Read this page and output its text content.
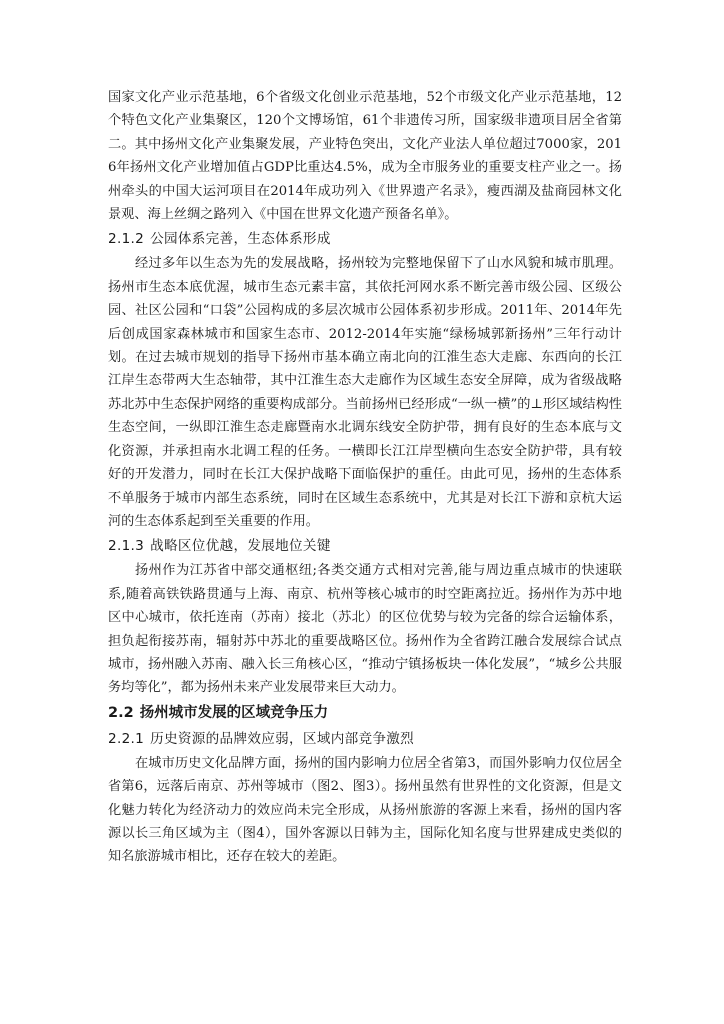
国家文化产业示范基地，6个省级文化创业示范基地，52个市级文化产业示范基地，12个特色文化产业集聚区，120个文博场馆，61个非遗传习所，国家级非遗项目居全省第二。其中扬州文化产业集聚发展，产业特色突出，文化产业法人单位超过7000家，2016年扬州文化产业增加值占GDP比重达4.5%，成为全市服务业的重要支柱产业之一。扬州牵头的中国大运河项目在2014年成功列入《世界遗产名录》，瘦西湖及盐商园林文化景观、海上丝绸之路列入《中国在世界文化遗产预备名单》。

2.1.2 公园体系完善，生态体系形成

经过多年以生态为先的发展战略，扬州较为完整地保留下了山水风貌和城市肌理。扬州市生态本底优渥，城市生态元素丰富，其依托河网水系不断完善市级公园、区级公园、社区公园和“口袋”公园构成的多层次城市公园体系初步形成。2011年、2014年先后创成国家森林城市和国家生态市、2012-2014年实施“绿杨城郭新扬州”三年行动计划。在过去城市规划的指导下扬州市基本确立南北向的江淮生态大走廊、东西向的长江江岸生态带两大生态轴带，其中江淮生态大走廊作为区域生态安全屏障，成为省级战略苏北苏中生态保护网络的重要构成部分。当前扬州已经形成“一纵一横”的⊥形区域结构性生态空间，一纵即江淮生态走廊暨南水北调东线安全防护带，拥有良好的生态本底与文化资源，并承担南水北调工程的任务。一横即长江江岸型横向生态安全防护带，具有较好的开发潜力，同时在长江大保护战略下面临保护的重任。由此可见，扬州的生态体系不单服务于城市内部生态系统，同时在区域生态系统中，尤其是对长江下游和京杭大运河的生态体系起到至关重要的作用。

2.1.3 战略区位优越，发展地位关键

扬州作为江苏省中部交通枢纽;各类交通方式相对完善,能与周边重点城市的快速联系,随着高铁铁路贯通与上海、南京、杭州等核心城市的时空距离拉近。扬州作为苏中地区中心城市，依托连南（苏南）接北（苏北）的区位优势与较为完备的综合运输体系，担负起衔接苏南，辐射苏中苏北的重要战略区位。扬州作为全省跨江融合发展综合试点城市，扬州融入苏南、融入长三角核心区，“推动宁镇扬板块一体化发展”，“城乡公共服务均等化”，都为扬州未来产业发展带来巨大动力。

2.2 扬州城市发展的区域竞争压力
2.2.1 历史资源的品牌效应弱，区域内部竞争激烈

在城市历史文化品牌方面，扬州的国内影响力位居全省第3，而国外影响力仅位居全省第6，远落后南京、苏州等城市（图2、图3）。扬州虽然有世界性的文化资源，但是文化魅力转化为经济动力的效应尚未完全形成，从扬州旅游的客源上来看，扬州的国内客源以长三角区域为主（图4），国外客源以日韩为主，国际化知名度与世界建成史类似的知名旅游城市相比，还存在较大的差距。
